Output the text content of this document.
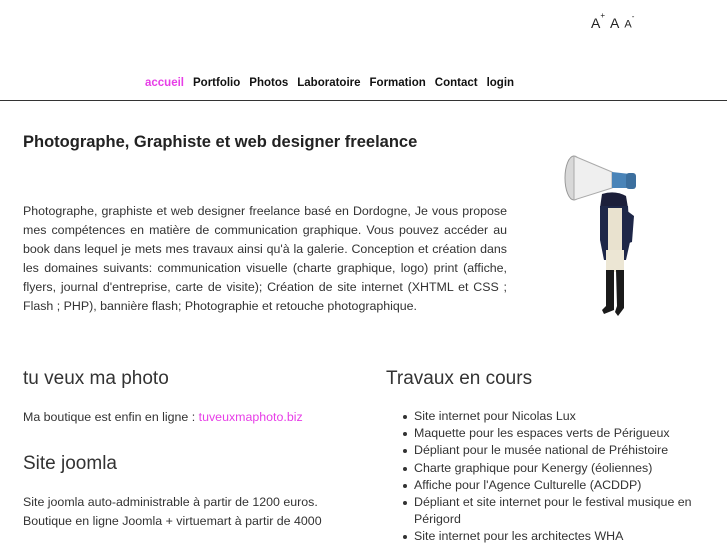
A+ A A-
accueil Portfolio Photos Laboratoire Formation Contact login
Photographe, Graphiste et web designer freelance

Photographe, graphiste et web designer freelance basé en Dordogne, Je vous propose mes compétences en matière de communication graphique. Vous pouvez accéder au book dans lequel je mets mes travaux ainsi qu'à la galerie. Conception et création dans les domaines suivants: communication visuelle (charte graphique, logo) print (affiche, flyers, journal d'entreprise, carte de visite); Création de site internet (XHTML et CSS ; Flash ; PHP), bannière flash; Photographie et retouche photographique.

tu veux ma photo

Ma boutique est enfin en ligne : tuveuxmaphoto.biz

Site joomla

Site joomla auto-administrable à partir de 1200 euros.

Boutique en ligne Joomla + virtuemart à partir de 4000

Travaux en cours
Site internet pour Nicolas Lux
Maquette pour les espaces verts de Périgueux
Dépliant pour le musée national de Préhistoire
Charte graphique pour Kenergy (éoliennes)
Affiche pour l'Agence Culturelle (ACDDP)
Dépliant et site internet pour le festival musique en Périgord
Site internet pour les architectes WHA
